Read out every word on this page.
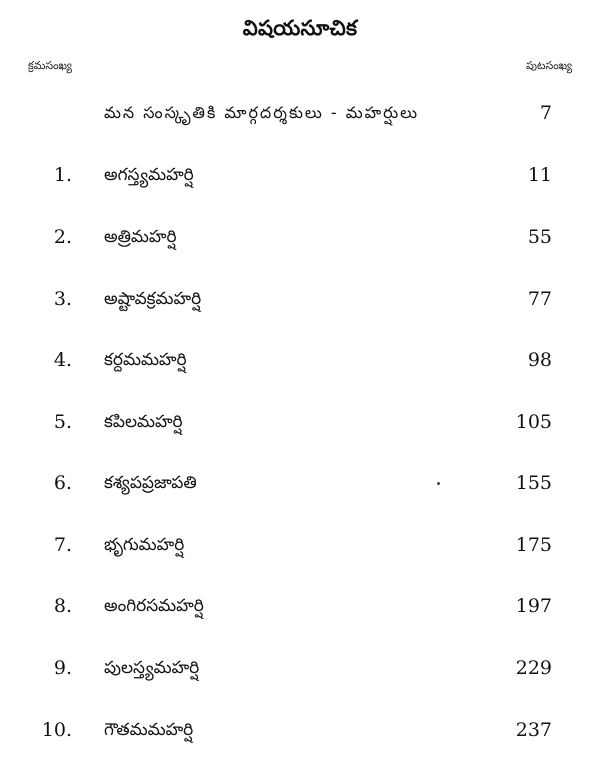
విషయసూచిక
క్రమసంఖ్య	పుటసంఖ్య
మన సంస్కృతికి మార్గదర్శకులు - మహర్షులు	7
1. అగస్త్యమహర్షి	11
2. అత్రిమహర్షి	55
3. అష్టావక్రమహర్షి	77
4. కర్దమమహర్షి	98
5. కపిలమహర్షి	105
6. కశ్యపప్రజాపతి	155
7. భృగుమహర్షి	175
8. అంగిరసమహర్షి	197
9. పులస్త్యమహర్షి	229
10. గౌతమమహర్షి	237
